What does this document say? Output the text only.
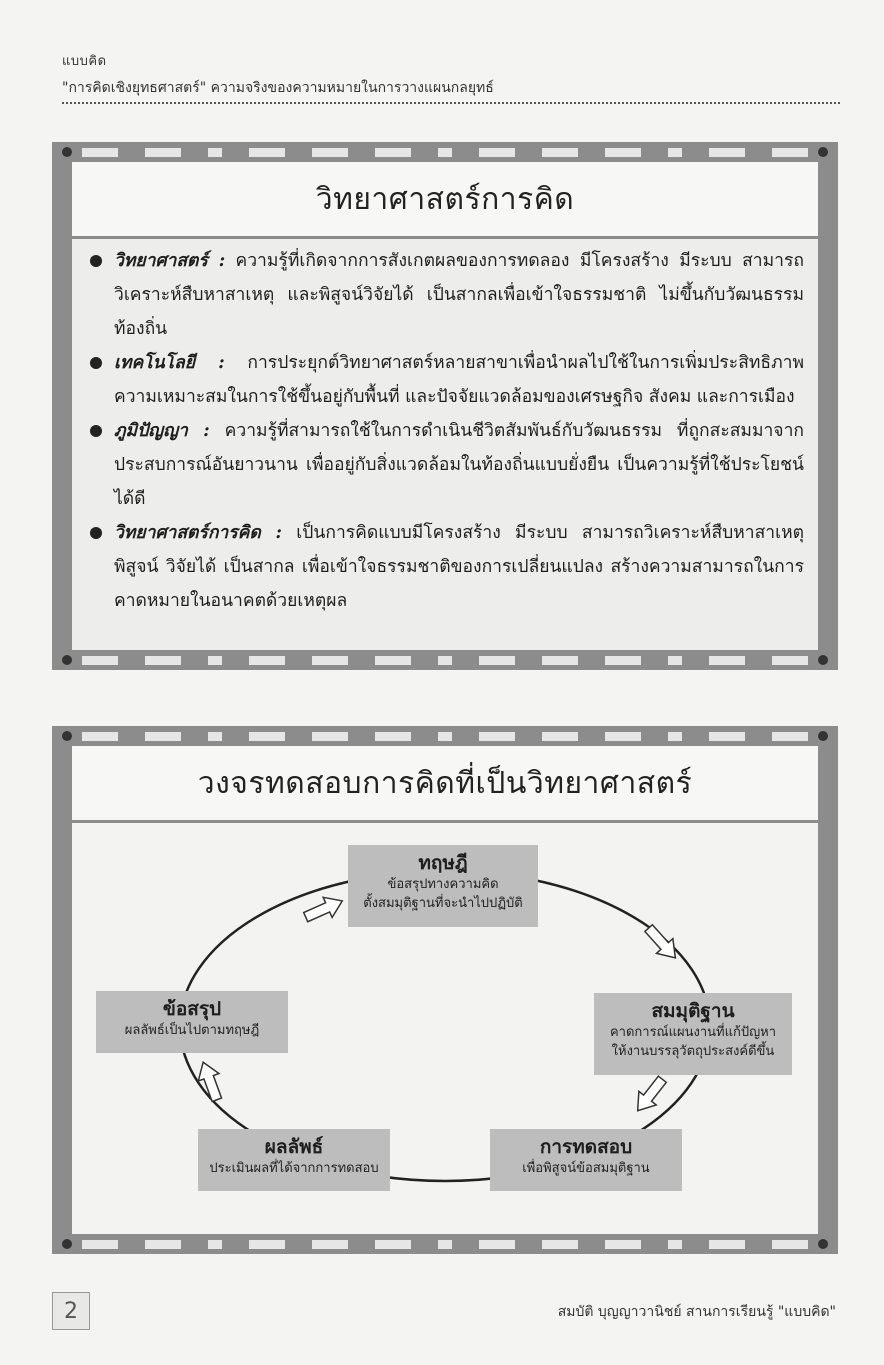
แบบคิด
"การคิดเชิงยุทธศาสตร์" ความจริงของความหมายในการวางแผนกลยุทธ์
วิทยาศาสตร์การคิด
วิทยาศาสตร์ : ความรู้ที่เกิดจากการสังเกตผลของการทดลอง มีโครงสร้าง มีระบบ สามารถวิเคราะห์สืบหาสาเหตุ และพิสูจน์วิจัยได้ เป็นสากลเพื่อเข้าใจธรรมชาติ ไม่ขึ้นกับวัฒนธรรมท้องถิ่น
เทคโนโลยี : การประยุกต์วิทยาศาสตร์หลายสาขาเพื่อนำผลไปใช้ในการเพิ่มประสิทธิภาพ ความเหมาะสมในการใช้ขึ้นอยู่กับพื้นที่ และปัจจัยแวดล้อมของเศรษฐกิจ สังคม และการเมือง
ภูมิปัญญา : ความรู้ที่สามารถใช้ในการดำเนินชีวิตสัมพันธ์กับวัฒนธรรม ที่ถูกสะสมมาจากประสบการณ์อันยาวนาน เพื่ออยู่กับสิ่งแวดล้อมในท้องถิ่นแบบยั่งยืน เป็นความรู้ที่ใช้ประโยชน์ได้ดี
วิทยาศาสตร์การคิด : เป็นการคิดแบบมีโครงสร้าง มีระบบ สามารถวิเคราะห์สืบหาสาเหตุ พิสูจน์ วิจัยได้ เป็นสากล เพื่อเข้าใจธรรมชาติของการเปลี่ยนแปลง สร้างความสามารถในการคาดหมายในอนาคตด้วยเหตุผล
วงจรทดสอบการคิดที่เป็นวิทยาศาสตร์
ทฤษฎี
ข้อสรุปทางความคิด
ตั้งสมมุติฐานที่จะนำไปปฏิบัติ
สมมุติฐาน
คาดการณ์แผนงานที่แก้ปัญหา
ให้งานบรรลุวัตถุประสงค์ดีขึ้น
การทดสอบ
เพื่อพิสูจน์ข้อสมมุติฐาน
ผลลัพธ์
ประเมินผลที่ได้จากการทดสอบ
ข้อสรุป
ผลลัพธ์เป็นไปตามทฤษฎี
2	สมบัติ บุญญาวานิชย์ สานการเรียนรู้ "แบบคิด"
